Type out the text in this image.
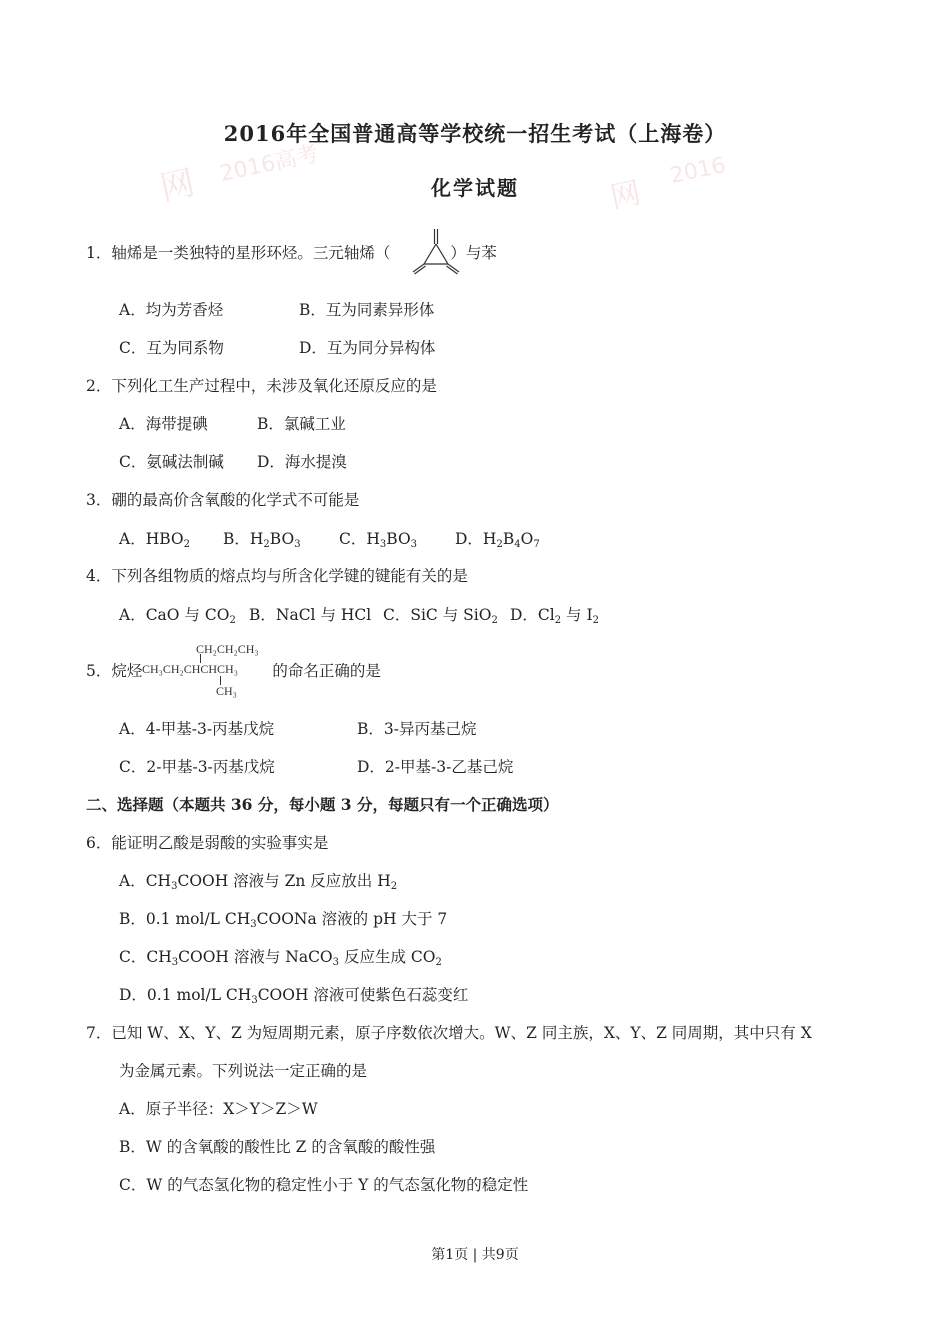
网 2016高考	2016
网
2016年全国普通高等学校统一招生考试（上海卷）
化学试题
1．轴烯是一类独特的星形环烃。三元轴烯（	）与苯
A．均为芳香烃	B．互为同素异形体
C．互为同系物	D．互为同分异构体
2．下列化工生产过程中，未涉及氧化还原反应的是
A．海带提碘	B．氯碱工业
C．氨碱法制碱 D．海水提溴
3．硼的最高价含氧酸的化学式不可能是
A．$HBO_2$ B．$H_2BO_3$ C．$H_3BO_3$ D．$H_2B_4O_7$
4．下列各组物质的熔点均与所含化学键的键能有关的是
A．CaO 与 $CO_2$ B．NaCl 与 HCl C．SiC 与 SiO$_2$ D．$Cl_2$ 与 $I_2$
5．烷烃	的命名正确的是
CH₂CH₂CH₃
CH₃CH₂CHCHCH₃
CH₃
A．4-甲基-3-丙基戊烷	B．3-异丙基己烷
C．2-甲基-3-丙基戊烷	D．2-甲基-3-乙基己烷
二、选择题（本题共 36 分，每小题 3 分，每题只有一个正确选项）
6．能证明乙酸是弱酸的实验事实是
A．$CH_3COOH$ 溶液与 Zn 反应放出 $H_2$
B．0.1 mol/L $CH_3COONa$ 溶液的 pH 大于 7
C．$CH_3COOH$ 溶液与 NaCO$_3$ 反应生成 $CO_2$
D．0.1 mol/L $CH_3COOH$ 溶液可使紫色石蕊变红
7．已知 W、X、Y、Z 为短周期元素，原子序数依次增大。W、Z 同主族，X、Y、Z 同周期，其中只有 X
为金属元素。下列说法一定正确的是
A．原子半径：X＞Y＞Z＞W
B．W 的含氧酸的酸性比 Z 的含氧酸的酸性强
C．W 的气态氢化物的稳定性小于 Y 的气态氢化物的稳定性
第1页 | 共9页
